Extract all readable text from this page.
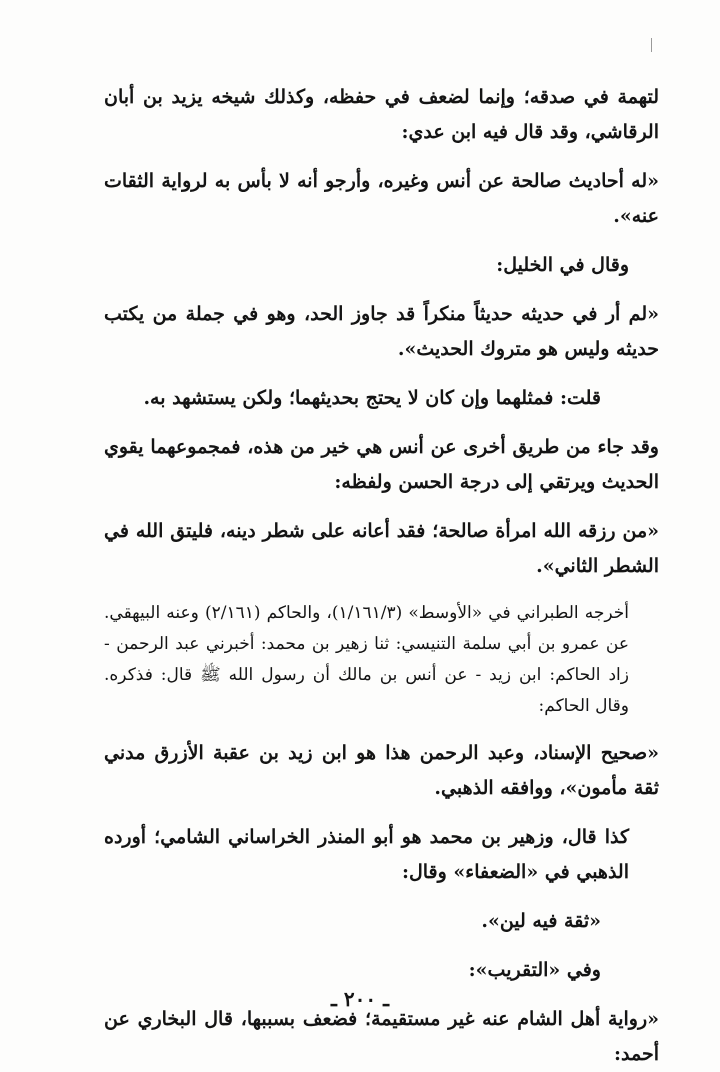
لتهمة في صدقه؛ وإنما لضعف في حفظه، وكذلك شيخه يزيد بن أبان الرقاشي، وقد قال فيه ابن عدي:

«له أحاديث صالحة عن أنس وغيره، وأرجو أنه لا بأس به لرواية الثقات عنه».

وقال في الخليل:

«لم أر في حديثه حديثاً منكراً قد جاوز الحد، وهو في جملة من يكتب حديثه وليس هو متروك الحديث».

قلت: فمثلهما وإن كان لا يحتج بحديثهما؛ ولكن يستشهد به.

وقد جاء من طريق أخرى عن أنس هي خير من هذه، فمجموعهما يقوي الحديث ويرتقي إلى درجة الحسن ولفظه:

«من رزقه الله امرأة صالحة؛ فقد أعانه على شطر دينه، فليتق الله في الشطر الثاني».

أخرجه الطبراني في «الأوسط» (١/١٦١/٣)، والحاكم (٢/١٦١) وعنه البيهقي. عن عمرو بن أبي سلمة التنيسي: ثنا زهير بن محمد: أخبرني عبد الرحمن - زاد الحاكم: ابن زيد - عن أنس بن مالك أن رسول الله ﷺ قال: فذكره. وقال الحاكم:

«صحيح الإسناد، وعبد الرحمن هذا هو ابن زيد بن عقبة الأزرق مدني ثقة مأمون»، ووافقه الذهبي.

كذا قال، وزهير بن محمد هو أبو المنذر الخراساني الشامي؛ أورده الذهبي في «الضعفاء» وقال:

«ثقة فيه لين».

وفي «التقريب»:

«رواية أهل الشام عنه غير مستقيمة؛ فضعف بسببها، قال البخاري عن أحمد:

ـ ٢٠٠ ـ
